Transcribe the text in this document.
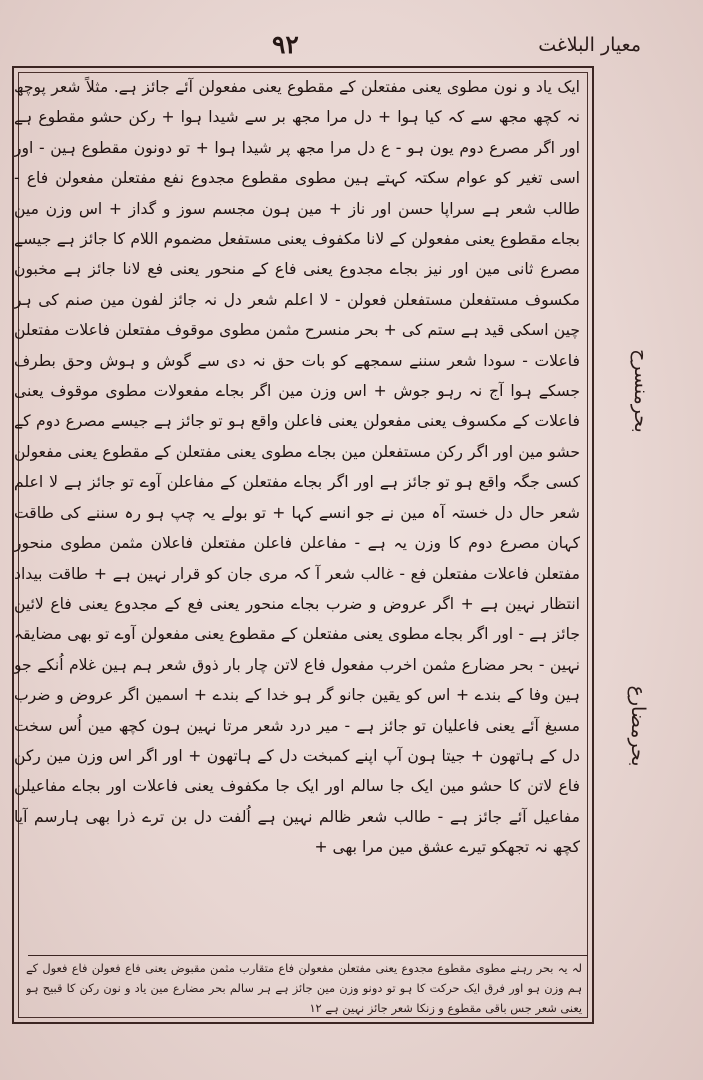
معیار البلاغت
۹۲

ایک یاد و نون مطوی یعنی مفتعلن کے مقطوع یعنی مفعولن آئے جائز ہے. مثلاً شعر پوچھ نہ کچھ مجھ سے کہ کیا ہوا + دل مرا مجھ بر سے شیدا ہوا + رکن حشو مقطوع ہے اور اگر مصرع دوم یون ہو - ع دل مرا مجھ پر شیدا ہوا + تو دونون مقطوع ہین - اور اسی تغیر کو عوام سکتہ کہتے ہین مطوی مقطوع مجدوع نفع مفتعلن مفعولن فاع - طالب شعر ہے سراپا حسن اور ناز + مین ہون مجسم سوز و گداز + اس وزن مین بجاے مقطوع یعنی مفعولن کے لانا مکفوف یعنی مستفعل مضموم اللام کا جائز ہے جیسے مصرع ثانی مین اور نیز بجاے مجدوع یعنی فاع کے منحور یعنی فع لانا جائز ہے مخبون مکسوف مستفعلن مستفعلن فعولن - لا اعلم شعر دل نہ جائز لفون مین صنم کی ہر چین اسکی قید ہے ستم کی + بحر منسرح مثمن مطوی موقوف مفتعلن فاعلات مفتعلن فاعلات - سودا شعر سننے سمجھے کو بات حق نہ دی سے گوش و ہوش وحق بطرف جسکے ہوا آج نہ رہو جوش + اس وزن مین اگر بجاے مفعولات مطوی موقوف یعنی فاعلات کے مکسوف یعنی مفعولن یعنی فاعلن واقع ہو تو جائز ہے جیسے مصرع دوم کے حشو مین اور اگر رکن مستفعلن مین بجاے مطوی یعنی مفتعلن کے مقطوع یعنی مفعولن کسی جگہ واقع ہو تو جائز ہے اور اگر بجاے مفتعلن کے مفاعلن آوے تو جائز ہے لا اعلم شعر حال دل خستہ آہ مین نے جو انسے کہا + تو بولے یہ چپ ہو رہ سننے کی طاقت کہان مصرع دوم کا وزن یہ ہے - مفاعلن فاعلن مفتعلن فاعلان مثمن مطوی منحور مفتعلن فاعلات مفتعلن فع - غالب شعر آ کہ مری جان کو قرار نہین ہے + طاقت بیداد انتظار نہین ہے + اگر عروض و ضرب بجاے منحور یعنی فع کے مجدوع یعنی فاع لائین جائز ہے - اور اگر بجاے مطوی یعنی مفتعلن کے مقطوع یعنی مفعولن آوے تو بھی مضایقہ نہین - بحر مضارع مثمن اخرب مفعول فاع لاتن چار بار ذوق شعر ہم ہین غلام اُنکے جو ہین وفا کے بندے + اس کو یقین جانو گر ہو خدا کے بندے + اسمین اگر عروض و ضرب مسبغ آئے یعنی فاعلیان تو جائز ہے - میر درد شعر مرتا نہین ہون کچھ مین اُس سخت دل کے ہاتھون + جیتا ہون آپ اپنے کمبخت دل کے ہاتھون + اور اگر اس وزن مین رکن فاع لاتن کا حشو مین ایک جا سالم اور ایک جا مکفوف یعنی فاعلات اور بجاے مفاعیلن مفاعیل آئے جائز ہے - طالب شعر ظالم نہین ہے اُلفت دل بن ترے ذرا بھی ہارسم آیا کچھ نہ تجھکو تیرے عشق مین مرا بھی +

لہ یہ بحر رہنے مطوی مقطوع مجدوع یعنی مفتعلن مفعولن فاع متقارب مثمن مقبوض یعنی فاع فعولن فاع فعول کے ہم وزن ہو اور فرق ایک حرکت کا ہو تو دونو وزن مین جائز ہے ہر سالم بحر مضارع مین یاد و نون رکن کا قبیح ہو یعنی شعر جس باقی مقطوع و زنکا شعر جائز نہین ہے ۱۲
بحرمنسرح
بحرمضارع
